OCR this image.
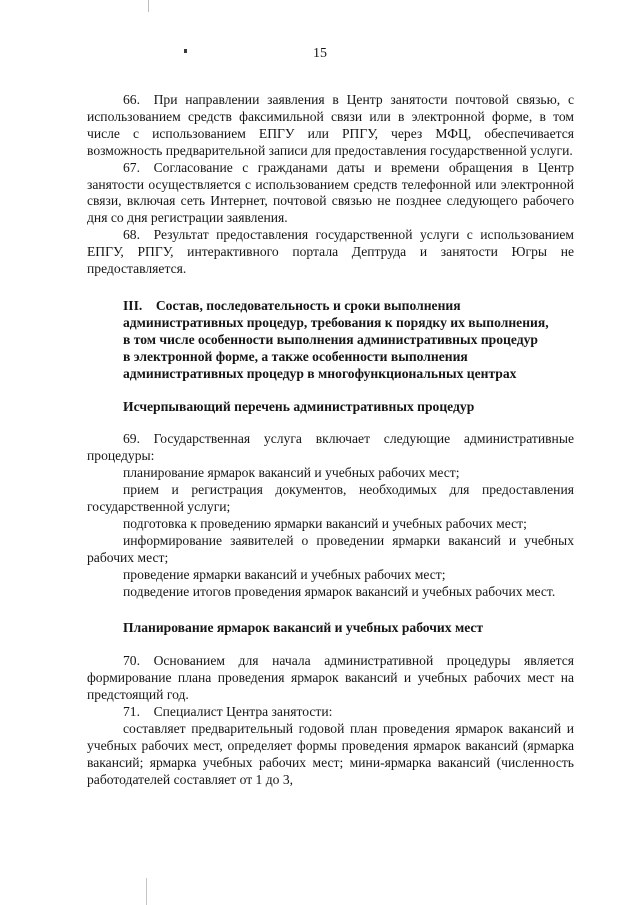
15

66. При направлении заявления в Центр занятости почтовой связью, с использованием средств факсимильной связи или в электронной форме, в том числе с использованием ЕПГУ или РПГУ, через МФЦ, обеспечивается возможность предварительной записи для предоставления государственной услуги.

67. Согласование с гражданами даты и времени обращения в Центр занятости осуществляется с использованием средств телефонной или электронной связи, включая сеть Интернет, почтовой связью не позднее следующего рабочего дня со дня регистрации заявления.

68. Результат предоставления государственной услуги с использованием ЕПГУ, РПГУ, интерактивного портала Дептруда и занятости Югры не предоставляется.

III. Состав, последовательность и сроки выполнения

административных процедур, требования к порядку их выполнения,

в том числе особенности выполнения административных процедур

в электронной форме, а также особенности выполнения

административных процедур в многофункциональных центрах

Исчерпывающий перечень административных процедур

69. Государственная услуга включает следующие административные процедуры:

планирование ярмарок вакансий и учебных рабочих мест;

прием и регистрация документов, необходимых для предоставления государственной услуги;

подготовка к проведению ярмарки вакансий и учебных рабочих мест;

информирование заявителей о проведении ярмарки вакансий и учебных рабочих мест;

проведение ярмарки вакансий и учебных рабочих мест;

подведение итогов проведения ярмарок вакансий и учебных рабочих мест.

Планирование ярмарок вакансий и учебных рабочих мест

70. Основанием для начала административной процедуры является формирование плана проведения ярмарок вакансий и учебных рабочих мест на предстоящий год.

71. Специалист Центра занятости:

составляет предварительный годовой план проведения ярмарок вакансий и учебных рабочих мест, определяет формы проведения ярмарок вакансий (ярмарка вакансий; ярмарка учебных рабочих мест; мини-ярмарка вакансий (численность работодателей составляет от 1 до 3,
